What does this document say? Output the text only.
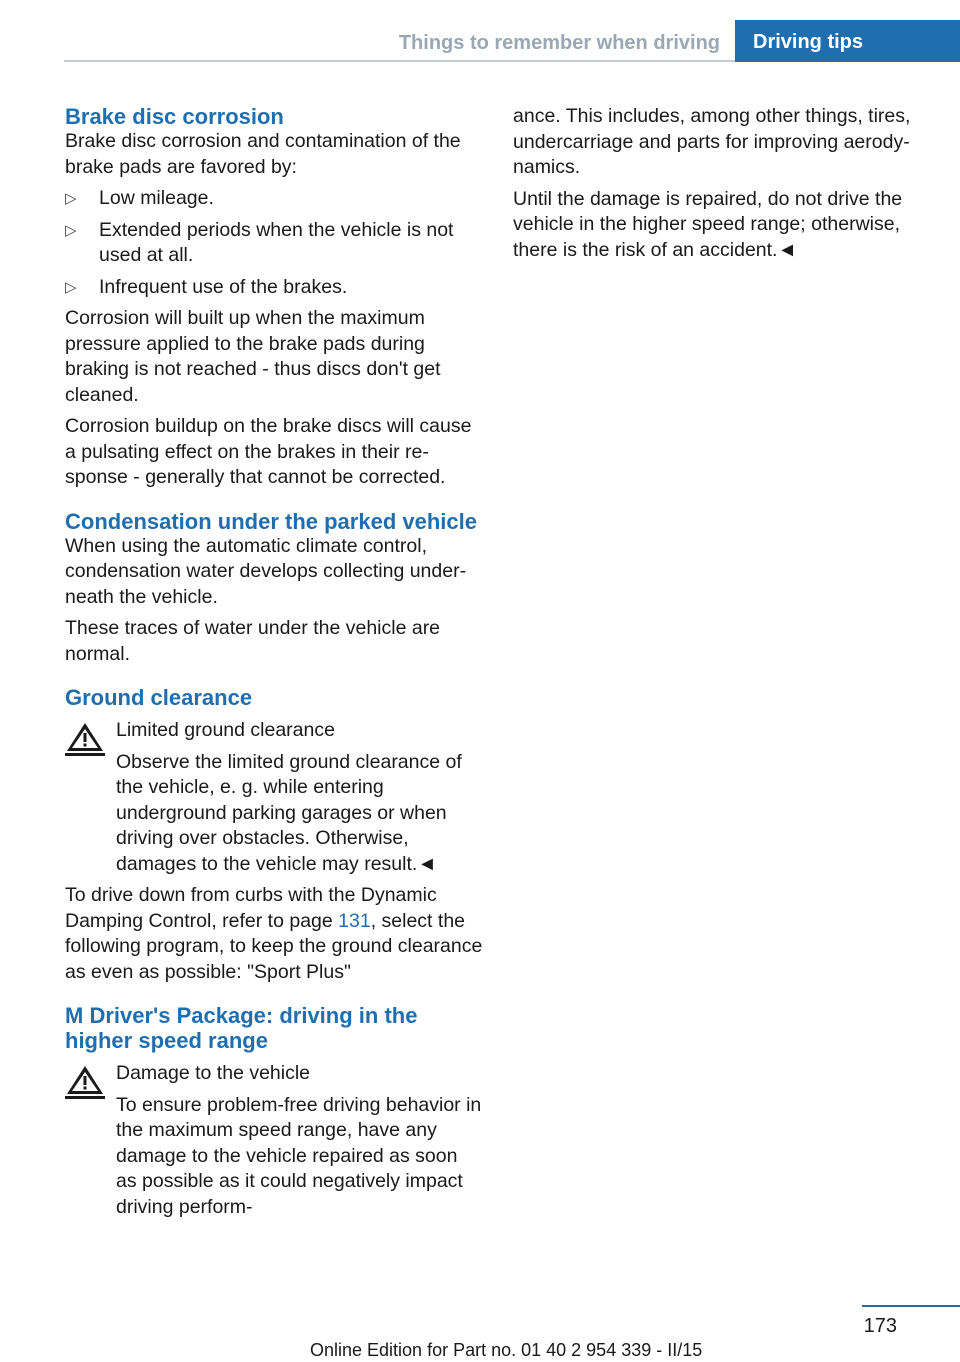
Things to remember when driving	Driving tips
Brake disc corrosion

Brake disc corrosion and contamination of the brake pads are favored by:

▷ Low mileage.
▷ Extended periods when the vehicle is not used at all.
▷ Infrequent use of the brakes.

Corrosion will built up when the maximum pressure applied to the brake pads during braking is not reached - thus discs don't get cleaned.

Corrosion buildup on the brake discs will cause a pulsating effect on the brakes in their response - generally that cannot be corrected.

Condensation under the parked vehicle

When using the automatic climate control, condensation water develops collecting underneath the vehicle.

These traces of water under the vehicle are normal.

Ground clearance

Limited ground clearance

Observe the limited ground clearance of the vehicle, e. g. while entering underground parking garages or when driving over obstacles. Otherwise, damages to the vehicle may result.◄

To drive down from curbs with the Dynamic Damping Control, refer to page 131, select the following program, to keep the ground clearance as even as possible: "Sport Plus"

M Driver's Package: driving in the higher speed range

Damage to the vehicle

To ensure problem-free driving behavior in the maximum speed range, have any damage to the vehicle repaired as soon as possible as it could negatively impact driving perform-

ance. This includes, among other things, tires, undercarriage and parts for improving aerodynamics.

Until the damage is repaired, do not drive the vehicle in the higher speed range; otherwise, there is the risk of an accident.◄

173
Online Edition for Part no. 01 40 2 954 339 - II/15
